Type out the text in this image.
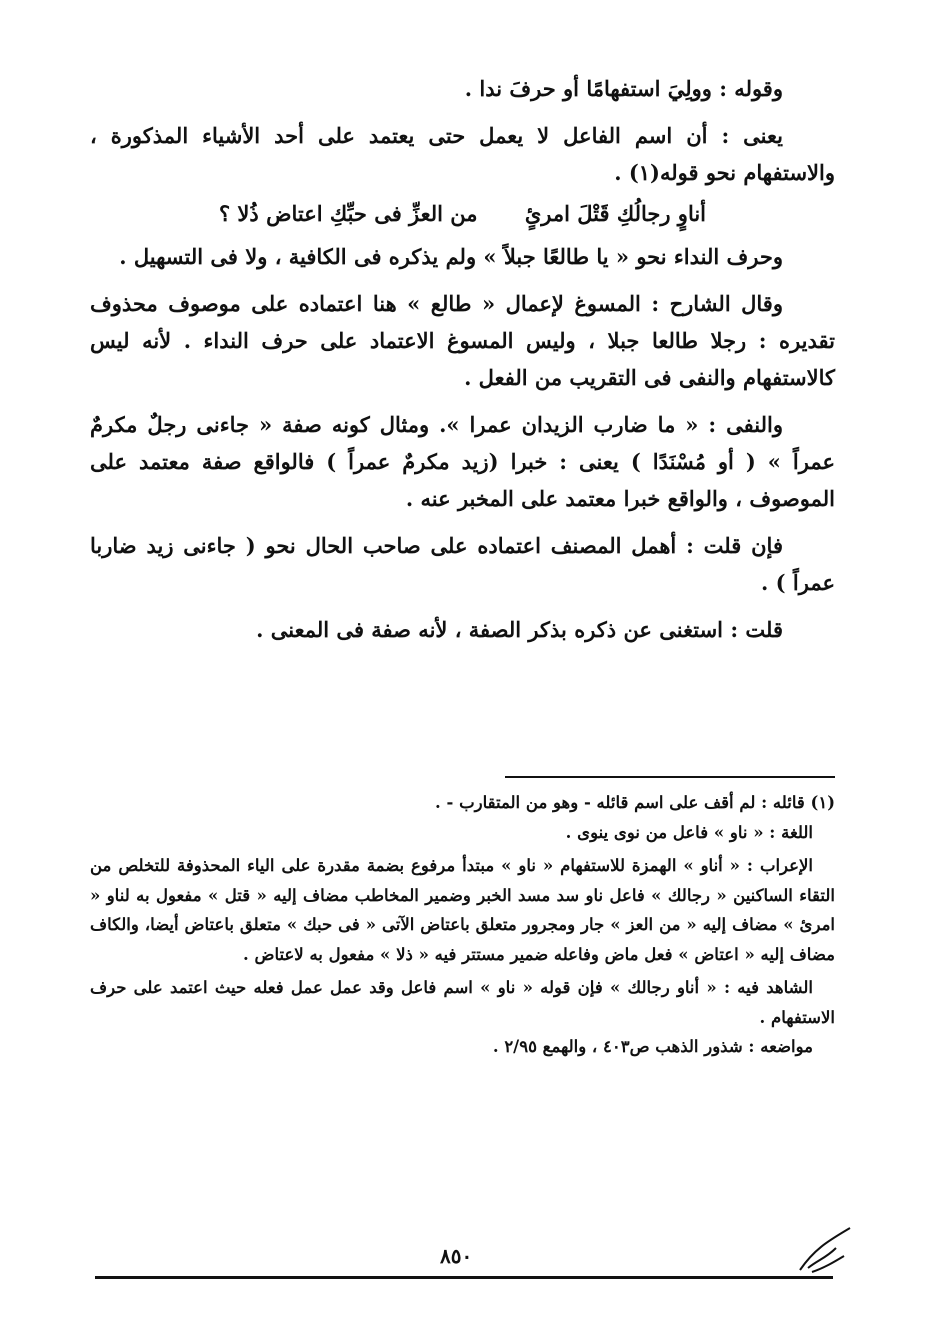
وقوله : وولِيَ استفهامًا أو حرفَ ندا .

يعنى : أن اسم الفاعل لا يعمل حتى يعتمد على أحد الأشياء المذكورة ، والاستفهام نحو قوله(١) .

أناوٍ رجالُكِ قَتْلَ امرئٍ من العزِّ فى حبِّكِ اعتاض ذُلا ؟

وحرف النداء نحو « يا طالعًا جبلاً » ولم يذكره فى الكافية ، ولا فى التسهيل .

وقال الشارح : المسوغ لإعمال « طالع » هنا اعتماده على موصوف محذوف تقديره : رجلا طالعا جبلا ، وليس المسوغ الاعتماد على حرف النداء . لأنه ليس كالاستفهام والنفى فى التقريب من الفعل .

والنفى : « ما ضارب الزيدان عمرا ». ومثال كونه صفة « جاءنى رجلٌ مكرمٌ عمراً » ( أو مُسْنَدًا ) يعنى : خبرا (زيد مكرمٌ عمراً ) فالواقع صفة معتمد على الموصوف ، والواقع خبرا معتمد على المخبر عنه .

فإن قلت : أهمل المصنف اعتماده على صاحب الحال نحو ( جاءنى زيد ضاربا عمراً ) .

قلت : استغنى عن ذكره بذكر الصفة ، لأنه صفة فى المعنى .

(١) قائله : لم أقف على اسم قائله - وهو من المتقارب - .

اللغة : « ناو » فاعل من نوى ينوى .

الإعراب : « أناو » الهمزة للاستفهام « ناو » مبتدأ مرفوع بضمة مقدرة على الياء المحذوفة للتخلص من التقاء الساكنين « رجالك » فاعل ناو سد مسد الخبر وضمير المخاطب مضاف إليه « قتل » مفعول به لناو « امرئ » مضاف إليه « من العز » جار ومجرور متعلق باعتاض الآتى « فى حبك » متعلق باعتاض أيضا، والكاف مضاف إليه « اعتاض » فعل ماض وفاعله ضمير مستتر فيه « ذلا » مفعول به لاعتاض .

الشاهد فيه : « أناو رجالك » فإن قوله « ناو » اسم فاعل وقد عمل عمل فعله حيث اعتمد على حرف الاستفهام .

مواضعه : شذور الذهب ص٤٠٣ ، والهمع ٢/٩٥ .

٨٥٠
